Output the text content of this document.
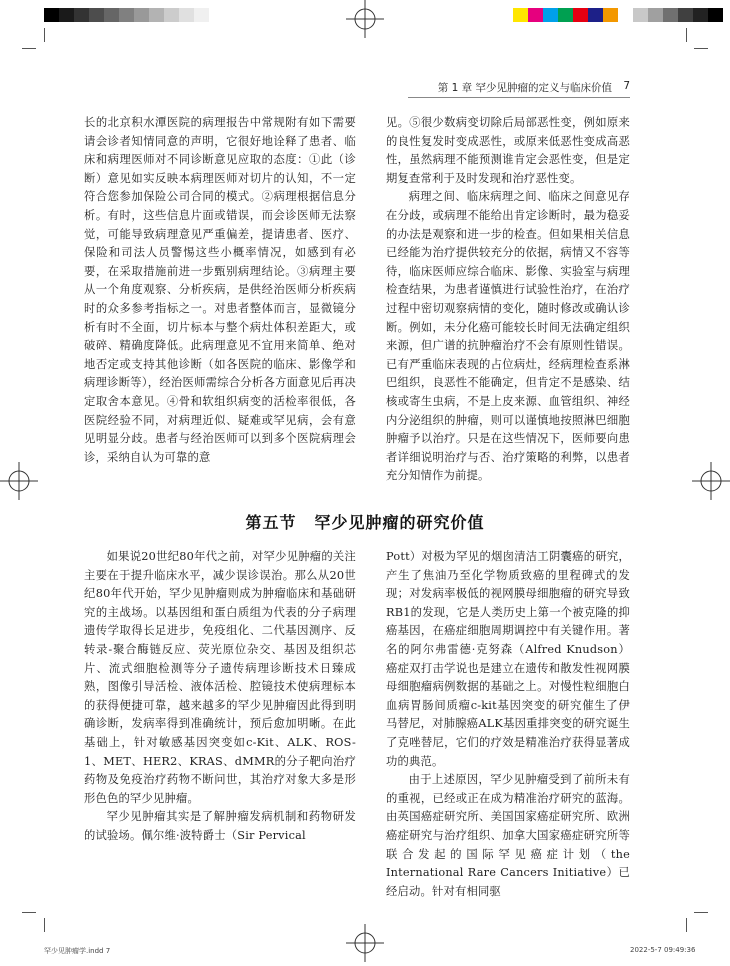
第 1 章 罕少见肿瘤的定义与临床价值 7

长的北京积水潭医院的病理报告中常规附有如下需要请会诊者知情同意的声明，它很好地诠释了患者、临床和病理医师对不同诊断意见应取的态度：①此（诊断）意见如实反映本病理医师对切片的认知，不一定符合您参加保险公司合同的模式。②病理根据信息分析。有时，这些信息片面或错误，而会诊医师无法察觉，可能导致病理意见严重偏差，提请患者、医疗、保险和司法人员警惕这些小概率情况，如感到有必要，在采取措施前进一步甄别病理结论。③病理主要从一个角度观察、分析疾病，是供经治医师分析疾病时的众多参考指标之一。对患者整体而言，显微镜分析有时不全面，切片标本与整个病灶体积差距大，或破碎、精确度降低。此病理意见不宜用来简单、绝对地否定或支持其他诊断（如各医院的临床、影像学和病理诊断等），经治医师需综合分析各方面意见后再决定取舍本意见。④骨和软组织病变的活检率很低，各医院经验不同，对病理近似、疑难或罕见病，会有意见明显分歧。患者与经治医师可以到多个医院病理会诊，采纳自认为可靠的意

见。⑤很少数病变切除后局部恶性变，例如原来的良性复发时变成恶性，或原来低恶性变成高恶性，虽然病理不能预测谁肯定会恶性变，但是定期复查常利于及时发现和治疗恶性变。

病理之间、临床病理之间、临床之间意见存在分歧，或病理不能给出肯定诊断时，最为稳妥的办法是观察和进一步的检查。但如果相关信息已经能为治疗提供较充分的依据，病情又不容等待，临床医师应综合临床、影像、实验室与病理检查结果，为患者谨慎进行试验性治疗，在治疗过程中密切观察病情的变化，随时修改或确认诊断。例如，未分化癌可能较长时间无法确定组织来源，但广谱的抗肿瘤治疗不会有原则性错误。已有严重临床表现的占位病灶，经病理检查系淋巴组织，良恶性不能确定，但肯定不是感染、结核或寄生虫病，不是上皮来源、血管组织、神经内分泌组织的肿瘤，则可以谨慎地按照淋巴细胞肿瘤予以治疗。只是在这些情况下，医师要向患者详细说明治疗与否、治疗策略的利弊，以患者充分知情作为前提。

第五节 罕少见肿瘤的研究价值

如果说20世纪80年代之前，对罕少见肿瘤的关注主要在于提升临床水平，减少误诊误治。那么从20世纪80年代开始，罕少见肿瘤则成为肿瘤临床和基础研究的主战场。以基因组和蛋白质组为代表的分子病理遗传学取得长足进步，免疫组化、二代基因测序、反转录-聚合酶链反应、荧光原位杂交、基因及组织芯片、流式细胞检测等分子遗传病理诊断技术日臻成熟，图像引导活检、液体活检、腔镜技术使病理标本的获得便捷可靠，越来越多的罕少见肿瘤因此得到明确诊断，发病率得到准确统计，预后愈加明晰。在此基础上，针对敏感基因突变如c-Kit、ALK、ROS-1、MET、HER2、KRAS、dMMR的分子靶向治疗药物及免疫治疗药物不断问世，其治疗对象大多是形形色色的罕少见肿瘤。

罕少见肿瘤其实是了解肿瘤发病机制和药物研发的试验场。佩尔维·波特爵士（Sir Pervical

Pott）对极为罕见的烟囱清洁工阴囊癌的研究，产生了焦油乃至化学物质致癌的里程碑式的发现；对发病率极低的视网膜母细胞瘤的研究导致RB1的发现，它是人类历史上第一个被克隆的抑癌基因，在癌症细胞周期调控中有关键作用。著名的阿尔弗雷德·克努森（Alfred Knudson）癌症双打击学说也是建立在遗传和散发性视网膜母细胞瘤病例数据的基础之上。对慢性粒细胞白血病胃肠间质瘤c-kit基因突变的研究催生了伊马替尼，对肺腺癌ALK基因重排突变的研究诞生了克唑替尼，它们的疗效是精准治疗获得显著成功的典范。

由于上述原因，罕少见肿瘤受到了前所未有的重视，已经或正在成为精准治疗研究的蓝海。由英国癌症研究所、美国国家癌症研究所、欧洲癌症研究与治疗组织、加拿大国家癌症研究所等联合发起的国际罕见癌症计划（the International Rare Cancers Initiative）已经启动。针对有相同驱

罕少见肿瘤学.indd 7	2022-5-7 09:49:36
